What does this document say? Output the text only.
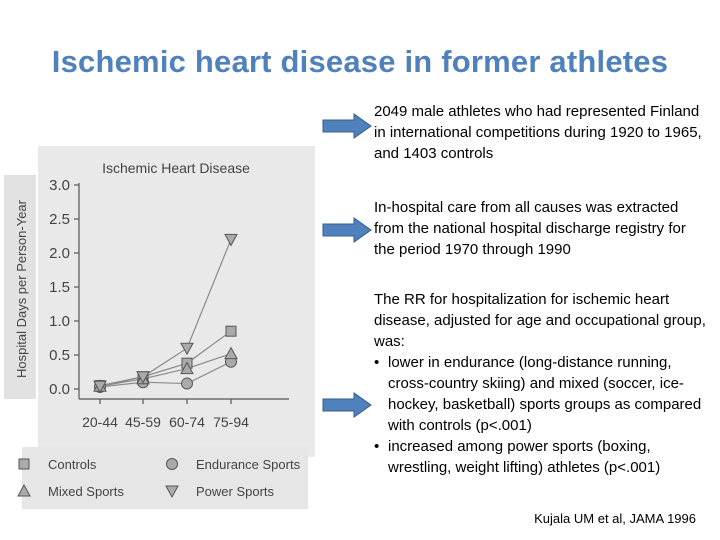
Ischemic heart disease in former athletes
Ischemic Heart Disease
Hospital Days per Person-Year
0.0
0.5
1.0
1.5
2.0
2.5
3.0
20-44 45-59 60-74 75-94
Controls	Endurance Sports
Mixed Sports	Power Sports
2049 male athletes who had represented Finland in international competitions during 1920 to 1965, and 1403 controls
In-hospital care from all causes was extracted from the national hospital discharge registry for the period 1970 through 1990
The RR for hospitalization for ischemic heart disease, adjusted for age and occupational group, was:
• lower in endurance (long-distance running, cross-country skiing) and mixed (soccer, ice-hockey, basketball) sports groups as compared with controls (p<.001)
• increased among power sports (boxing, wrestling, weight lifting) athletes (p<.001)
Kujala UM et al, JAMA 1996
